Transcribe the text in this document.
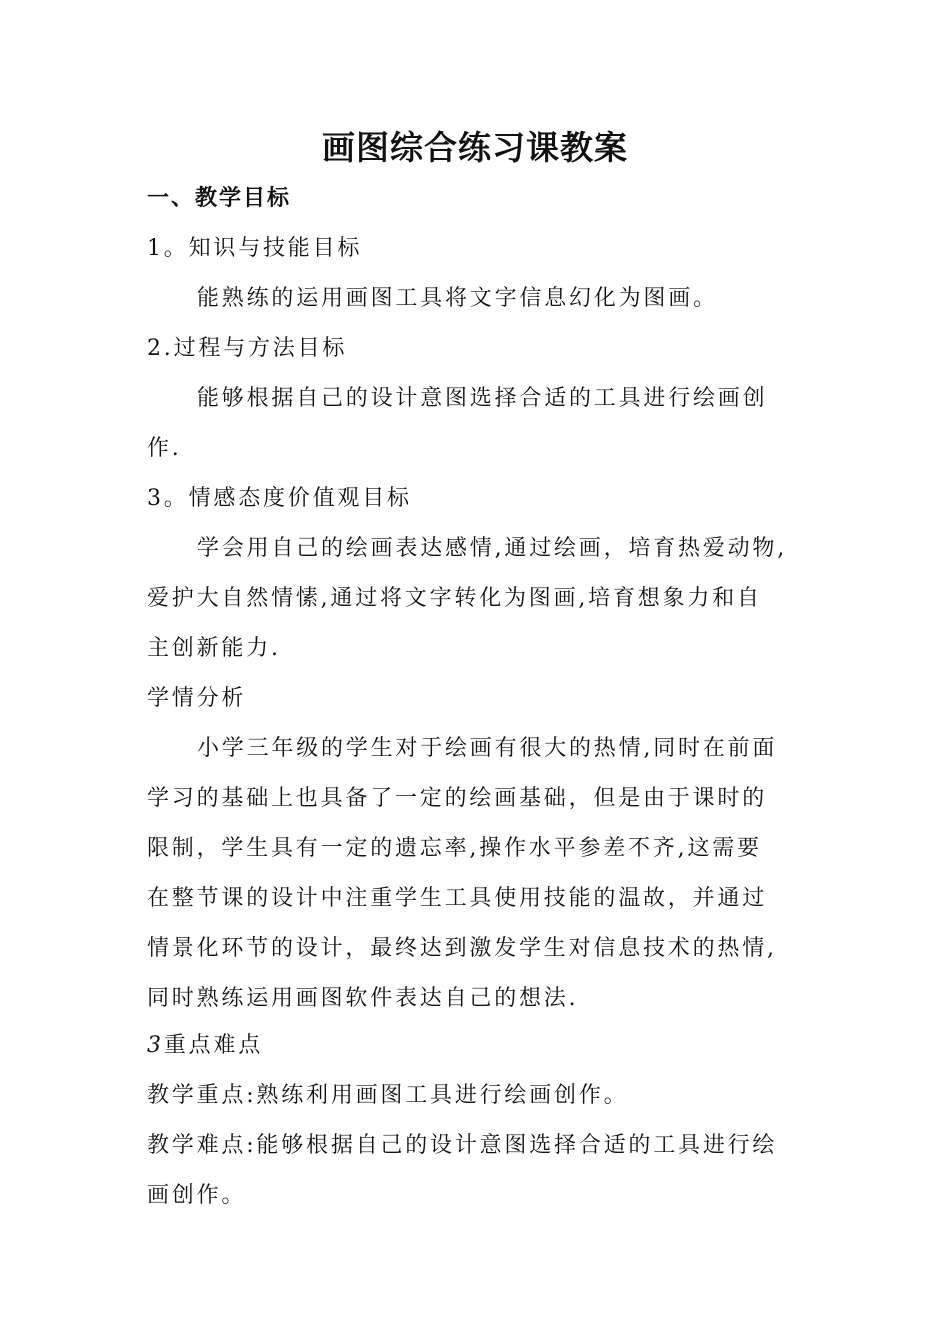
画图综合练习课教案

一、教学目标

1。知识与技能目标

能熟练的运用画图工具将文字信息幻化为图画。

2.过程与方法目标

能够根据自己的设计意图选择合适的工具进行绘画创

作.

3。情感态度价值观目标

学会用自己的绘画表达感情,通过绘画，培育热爱动物,

爱护大自然情愫,通过将文字转化为图画,培育想象力和自

主创新能力.

学情分析

小学三年级的学生对于绘画有很大的热情,同时在前面

学习的基础上也具备了一定的绘画基础，但是由于课时的

限制，学生具有一定的遗忘率,操作水平参差不齐,这需要

在整节课的设计中注重学生工具使用技能的温故，并通过

情景化环节的设计，最终达到激发学生对信息技术的热情,

同时熟练运用画图软件表达自己的想法.

3重点难点

教学重点:熟练利用画图工具进行绘画创作。

教学难点:能够根据自己的设计意图选择合适的工具进行绘

画创作。
